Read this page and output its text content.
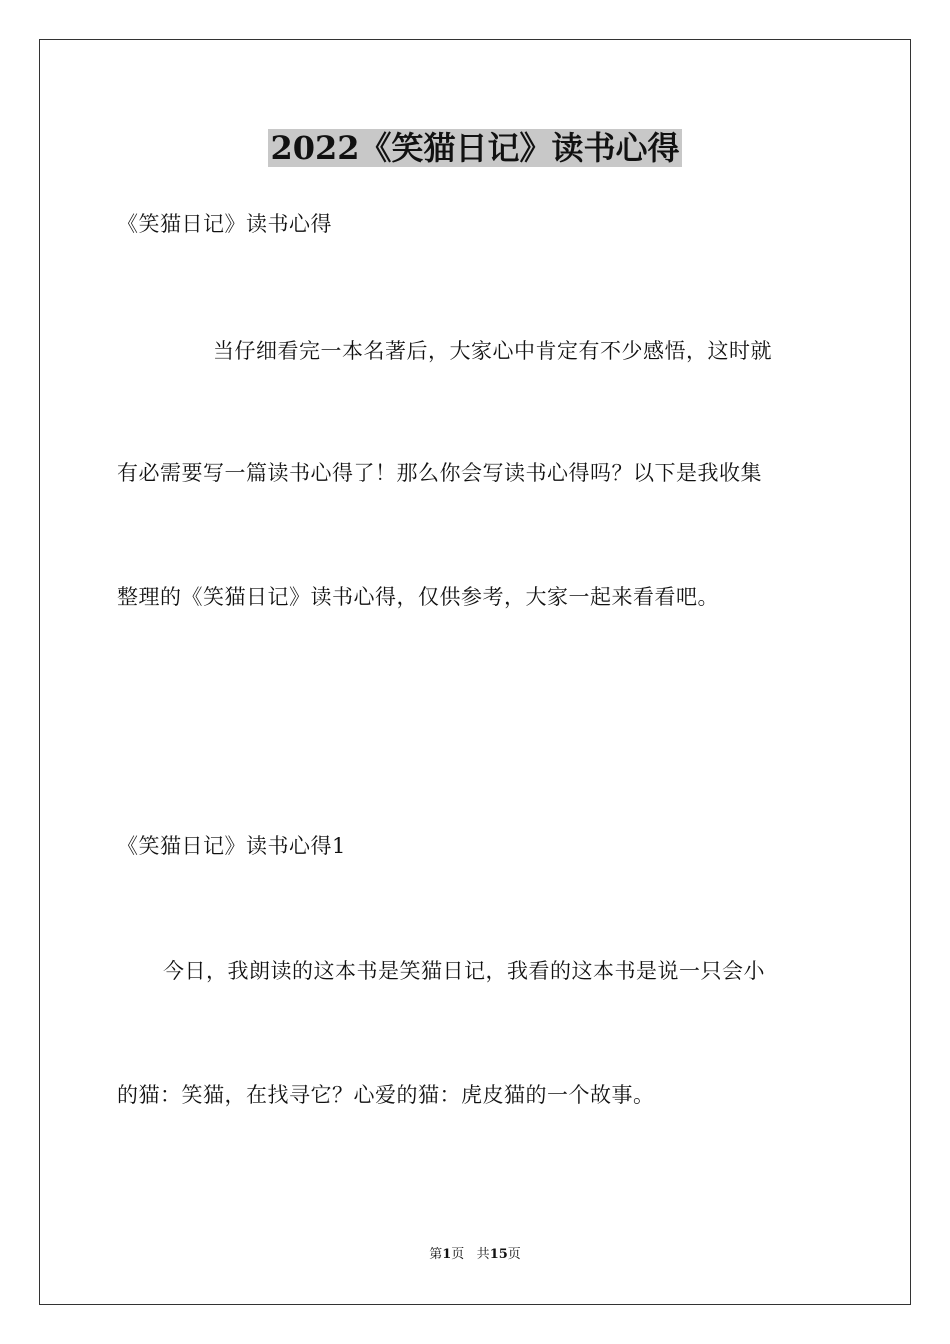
2022《笑猫日记》读书心得

《笑猫日记》读书心得

当仔细看完一本名著后，大家心中肯定有不少感悟，这时就

有必需要写一篇读书心得了！那么你会写读书心得吗？以下是我收集

整理的《笑猫日记》读书心得，仅供参考，大家一起来看看吧。

《笑猫日记》读书心得1

今日，我朗读的这本书是笑猫日记，我看的这本书是说一只会小

的猫：笑猫，在找寻它？心爱的猫：虎皮猫的一个故事。

第1页 共15页
